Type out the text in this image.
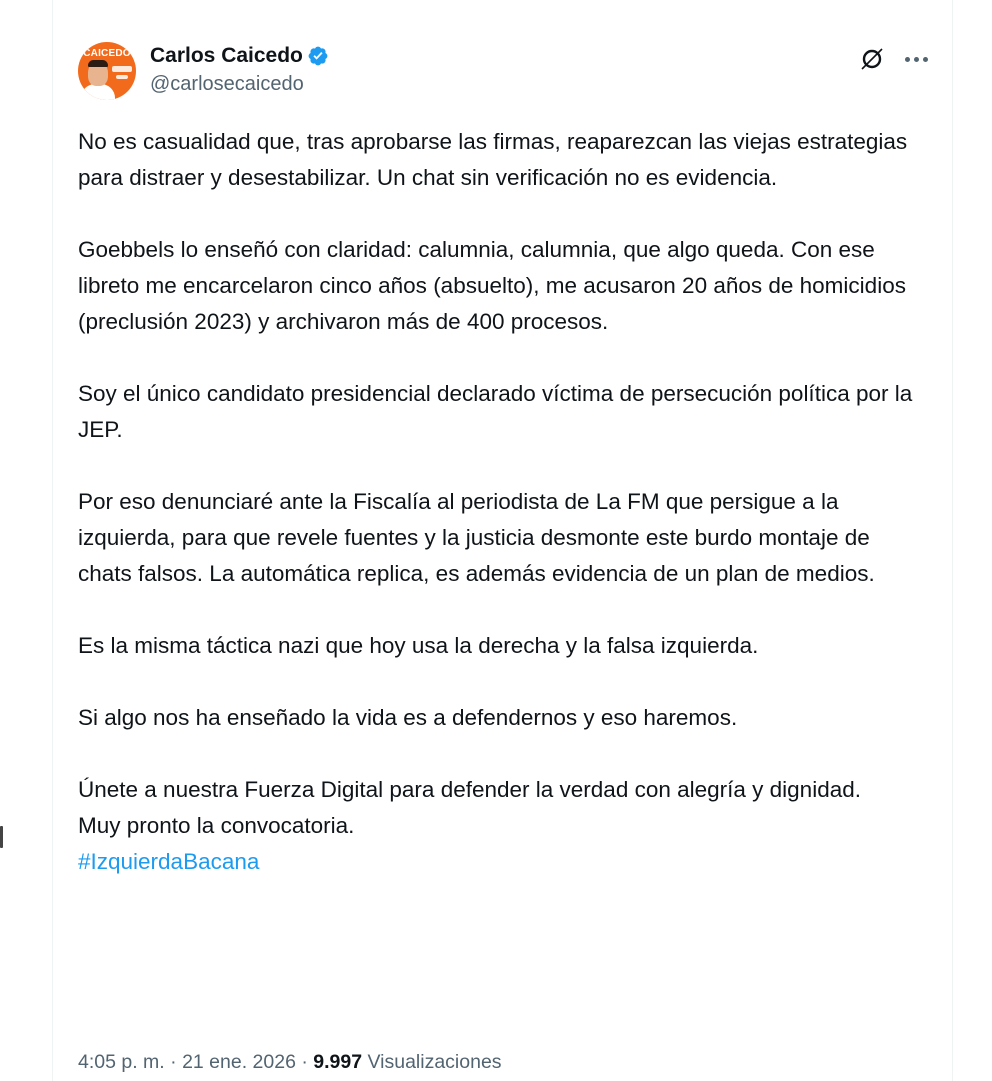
CAICEDO Carlos Caicedo
@carlosecaicedo

No es casualidad que, tras aprobarse las firmas, reaparezcan las viejas estrategias para distraer y desestabilizar. Un chat sin verificación no es evidencia.

Goebbels lo enseñó con claridad: calumnia, calumnia, que algo queda. Con ese libreto me encarcelaron cinco años (absuelto), me acusaron 20 años de homicidios (preclusión 2023) y archivaron más de 400 procesos.

Soy el único candidato presidencial declarado víctima de persecución política por la JEP.

Por eso denunciaré ante la Fiscalía al periodista de La FM que persigue a la izquierda, para que revele fuentes y la justicia desmonte este burdo montaje de chats falsos. La automática replica, es además evidencia de un plan de medios.

Es la misma táctica nazi que hoy usa la derecha y la falsa izquierda.

Si algo nos ha enseñado la vida es a defendernos y eso haremos.

Únete a nuestra Fuerza Digital para defender la verdad con alegría y dignidad.

Muy pronto la convocatoria.

#IzquierdaBacana

4:05 p. m. · 21 ene. 2026 · 9.997 Visualizaciones
